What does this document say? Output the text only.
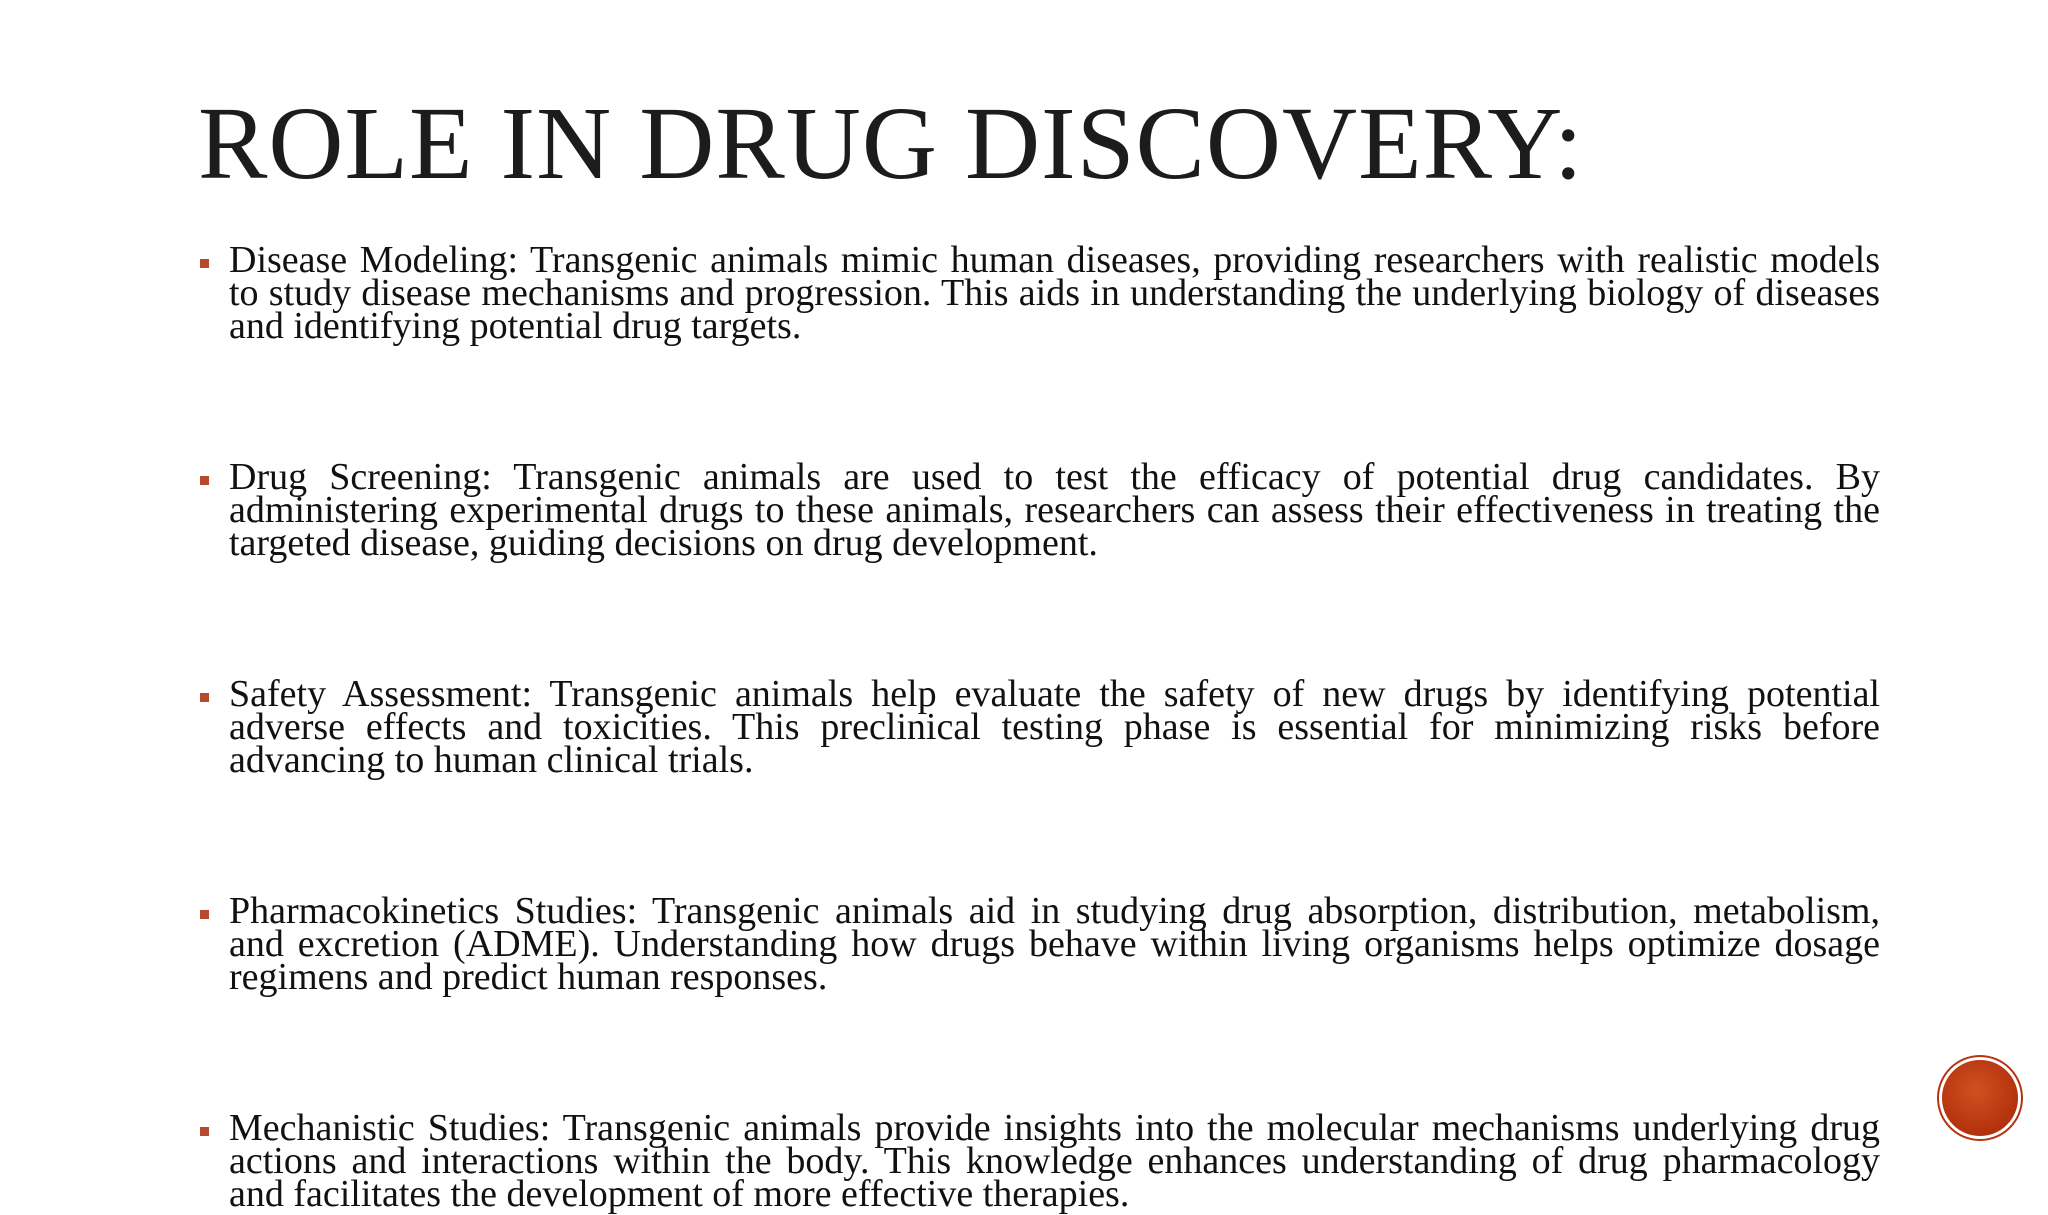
ROLE IN DRUG DISCOVERY:
Disease Modeling: Transgenic animals mimic human diseases, providing researchers with realistic models to study disease mechanisms and progression. This aids in understanding the underlying biology of diseases and identifying potential drug targets.
Drug Screening: Transgenic animals are used to test the efficacy of potential drug candidates. By administering experimental drugs to these animals, researchers can assess their effectiveness in treating the targeted disease, guiding decisions on drug development.
Safety Assessment: Transgenic animals help evaluate the safety of new drugs by identifying potential adverse effects and toxicities. This preclinical testing phase is essential for minimizing risks before advancing to human clinical trials.
Pharmacokinetics Studies: Transgenic animals aid in studying drug absorption, distribution, metabolism, and excretion (ADME). Understanding how drugs behave within living organisms helps optimize dosage regimens and predict human responses.
Mechanistic Studies: Transgenic animals provide insights into the molecular mechanisms underlying drug actions and interactions within the body. This knowledge enhances understanding of drug pharmacology and facilitates the development of more effective therapies.
